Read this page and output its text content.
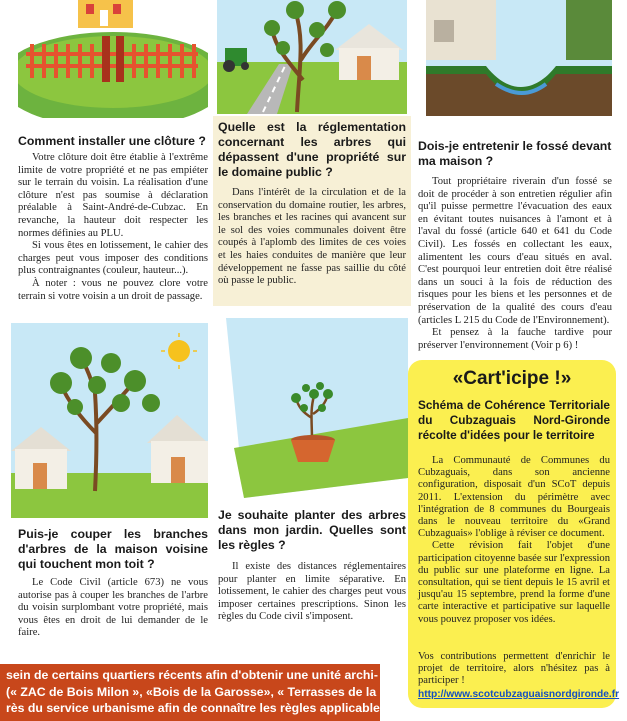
Comment installer une clôture ?

Votre clôture doit être établie à l'extrême limite de votre propriété et ne pas empiéter sur le terrain du voisin. La réalisation d'une clôture n'est pas soumise à déclaration préalable à Saint-André-de-Cubzac. En revanche, la hauteur doit respecter les normes définies au PLU.

Si vous êtes en lotissement, le cahier des charges peut vous imposer des conditions plus contraignantes (couleur, hauteur...).

À noter : vous ne pouvez clore votre terrain si votre voisin a un droit de passage.

Puis-je couper les branches d'arbres de la maison voisine qui touchent mon toit ?

Le Code Civil (article 673) ne vous autorise pas à couper les branches de l'arbre du voisin surplombant votre propriété, mais vous êtes en droit de lui demander de le faire.

Quelle est la réglementation concernant les arbres qui dépassent d'une propriété sur le domaine public ?

Dans l'intérêt de la circulation et de la conservation du domaine routier, les arbres, les branches et les racines qui avancent sur le sol des voies communales doivent être coupés à l'aplomb des limites de ces voies et les haies conduites de manière que leur développement ne fasse pas saillie du côté où passe le public.

Je souhaite planter des arbres dans mon jardin. Quelles sont les règles ?

Il existe des distances réglementaires pour planter en limite séparative. En lotissement, le cahier des charges peut vous imposer certaines prescriptions. Sinon les règles du Code civil s'imposent.

Dois-je entretenir le fossé devant ma maison ?

Tout propriétaire riverain d'un fossé se doit de procéder à son entretien régulier afin qu'il puisse permettre l'évacuation des eaux en évitant toutes nuisances à l'amont et à l'aval du fossé (article 640 et 641 du Code Civil). Les fossés en collectant les eaux, alimentent les cours d'eau situés en aval. C'est pourquoi leur entretien doit être réalisé dans un souci à la fois de réduction des risques pour les biens et les personnes et de préservation de la qualité des cours d'eau (articles L 215 du Code de l'Environnement).

Et pensez à la fauche tardive pour préserver l'environnement (Voir p 6) !

«Cart'icipe !»
Schéma de Cohérence Territoriale du Cubzaguais Nord-Gironde récolte d'idées pour le territoire

La Communauté de Communes du Cubzaguais, dans son ancienne configuration, disposait d'un SCoT depuis 2011. L'extension du périmètre avec l'intégration de 8 communes du Bourgeais dans le nouveau territoire du «Grand Cubzaguais» l'oblige à réviser ce document.

Cette révision fait l'objet d'une participation citoyenne basée sur l'expression du public sur une plateforme en ligne. La consultation, qui se tient depuis le 15 avril et jusqu'au 15 septembre, prend la forme d'une carte interactive et participative sur laquelle vous pouvez proposer vos idées.

Vos contributions permettent d'enrichir le projet de territoire, alors n'hésitez pas à participer !
http://www.scotcubzaguaisnordgironde.fr
sein de certains quartiers récents afin d'obtenir une unité archi-
(« ZAC de Bois Milon », «Bois de la Garosse», « Terrasses de la
rès du service urbanisme afin de connaître les règles applicables.
